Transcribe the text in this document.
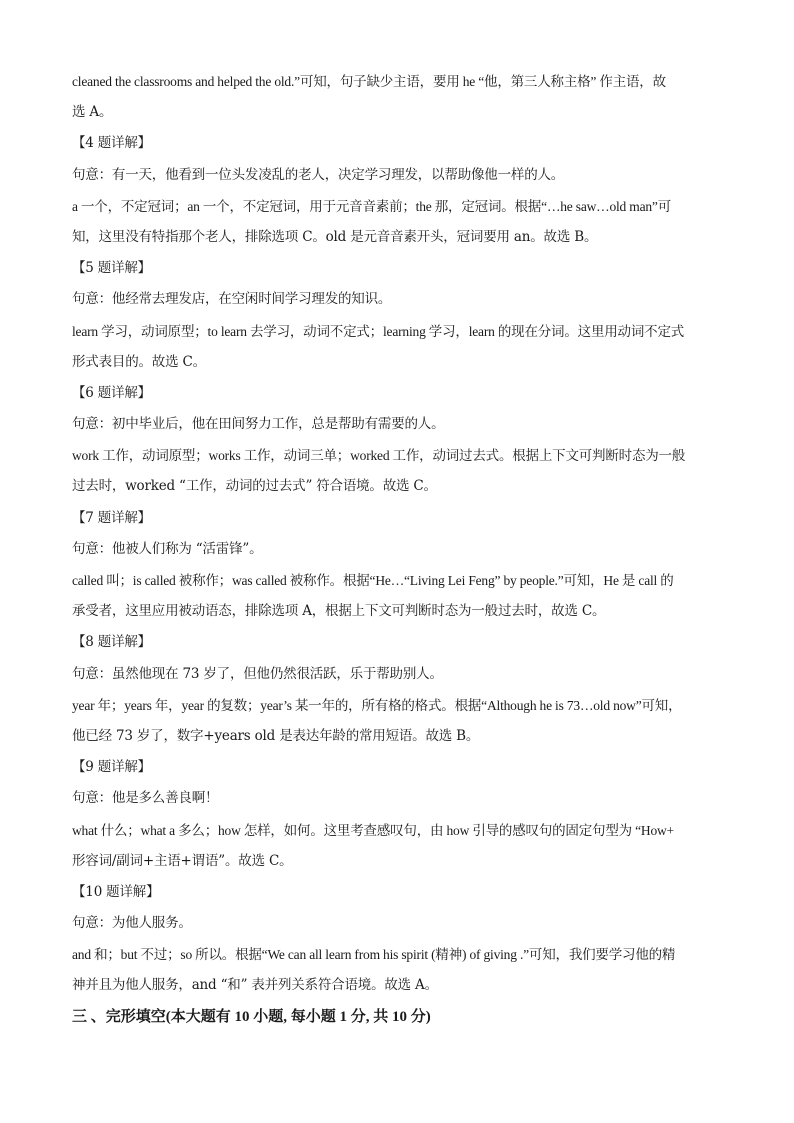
cleaned the classrooms and helped the old.”可知，句子缺少主语，要用 he “他，第三人称主格” 作主语，故
选 A。
【4 题详解】
句意：有一天，他看到一位头发凌乱的老人，决定学习理发，以帮助像他一样的人。
a 一个，不定冠词；an 一个，不定冠词，用于元音音素前；the 那，定冠词。根据“…he saw…old man”可
知，这里没有特指那个老人，排除选项 C。old 是元音音素开头，冠词要用 an。故选 B。
【5 题详解】
句意：他经常去理发店，在空闲时间学习理发的知识。
learn 学习，动词原型；to learn 去学习，动词不定式；learning 学习，learn 的现在分词。这里用动词不定式
形式表目的。故选 C。
【6 题详解】
句意：初中毕业后，他在田间努力工作，总是帮助有需要的人。
work 工作，动词原型；works 工作，动词三单；worked 工作，动词过去式。根据上下文可判断时态为一般
过去时，worked “工作，动词的过去式” 符合语境。故选 C。
【7 题详解】
句意：他被人们称为 “活雷锋”。
called 叫；is called 被称作；was called 被称作。根据“He…“Living Lei Feng” by people.”可知，He 是 call 的
承受者，这里应用被动语态，排除选项 A，根据上下文可判断时态为一般过去时，故选 C。
【8 题详解】
句意：虽然他现在 73 岁了，但他仍然很活跃，乐于帮助别人。
year 年；years 年，year 的复数；year’s 某一年的，所有格的格式。根据“Although he is 73…old now”可知，
他已经 73 岁了，数字+years old 是表达年龄的常用短语。故选 B。
【9 题详解】
句意：他是多么善良啊！
what 什么；what a 多么；how 怎样，如何。这里考查感叹句，由 how 引导的感叹句的固定句型为 “How+
形容词/副词+主语+谓语”。故选 C。
【10 题详解】
句意：为他人服务。
and 和；but 不过；so 所以。根据“We can all learn from his spirit (精神) of giving .”可知，我们要学习他的精
神并且为他人服务，and “和” 表并列关系符合语境。故选 A。
三 、完形填空(本大题有 10 小题, 每小题 1 分, 共 10 分)
